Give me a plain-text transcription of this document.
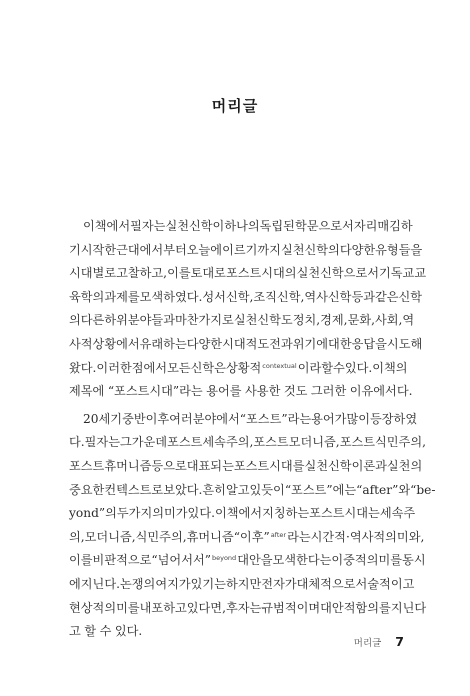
머리글
이 책에서 필자는 실천신학이 하나의 독립된 학문으로서 자리매김하
기 시작한 근대에서부터 오늘에 이르기까지 실천신학의 다양한 유형들을
시대별로 고찰하고, 이를 토대로 포스트시대의 실천신학으로서 기독교교
육학의 과제를 모색하였다. 성서신학, 조직신학, 역사신학 등과 같은 신학
의 다른 하위 분야들과 마찬가지로 실천신학도 정치, 경제, 문화, 사회, 역
사적 상황에서 유래하는 다양한 시대적 도전과 위기에 대한 응답을 시도해
왔다. 이러한 점에서 모든 신학은 상황적$^{contextual}$이라 할 수 있다. 이 책의
제목에 “포스트시대”라는 용어를 사용한 것도 그러한 이유에서다.
20세기 중반 이후 여러 분야에서 “포스트”라는 용어가 많이 등장하였
다. 필자는 그 가운데 포스트세속주의, 포스트모더니즘, 포스트식민주의,
포스트휴머니즘 등으로 대표되는 포스트시대를 실천신학 이론과 실천의
중요한 컨텍스트로 보았다. 흔히 알고 있듯이 “포스트”에는 “after”와 “be-
yond”의 두 가지 의미가 있다. 이 책에서 지칭하는 포스트시대는 세속주
의, 모더니즘, 식민주의, 휴머니즘 “이후”$^{after}$라는 시간적·역사적 의미와,
이를 비판적으로 “넘어서서”$^{beyond}$ 대안을 모색한다는 이중적 의미를 동시
에 지닌다. 논쟁의 여지가 있기는 하지만 전자가 대체적으로 서술적이고
현상적 의미를 내포하고 있다면, 후자는 규범적이며 대안적 함의를 지닌다
고 할 수 있다.
머리글 7
